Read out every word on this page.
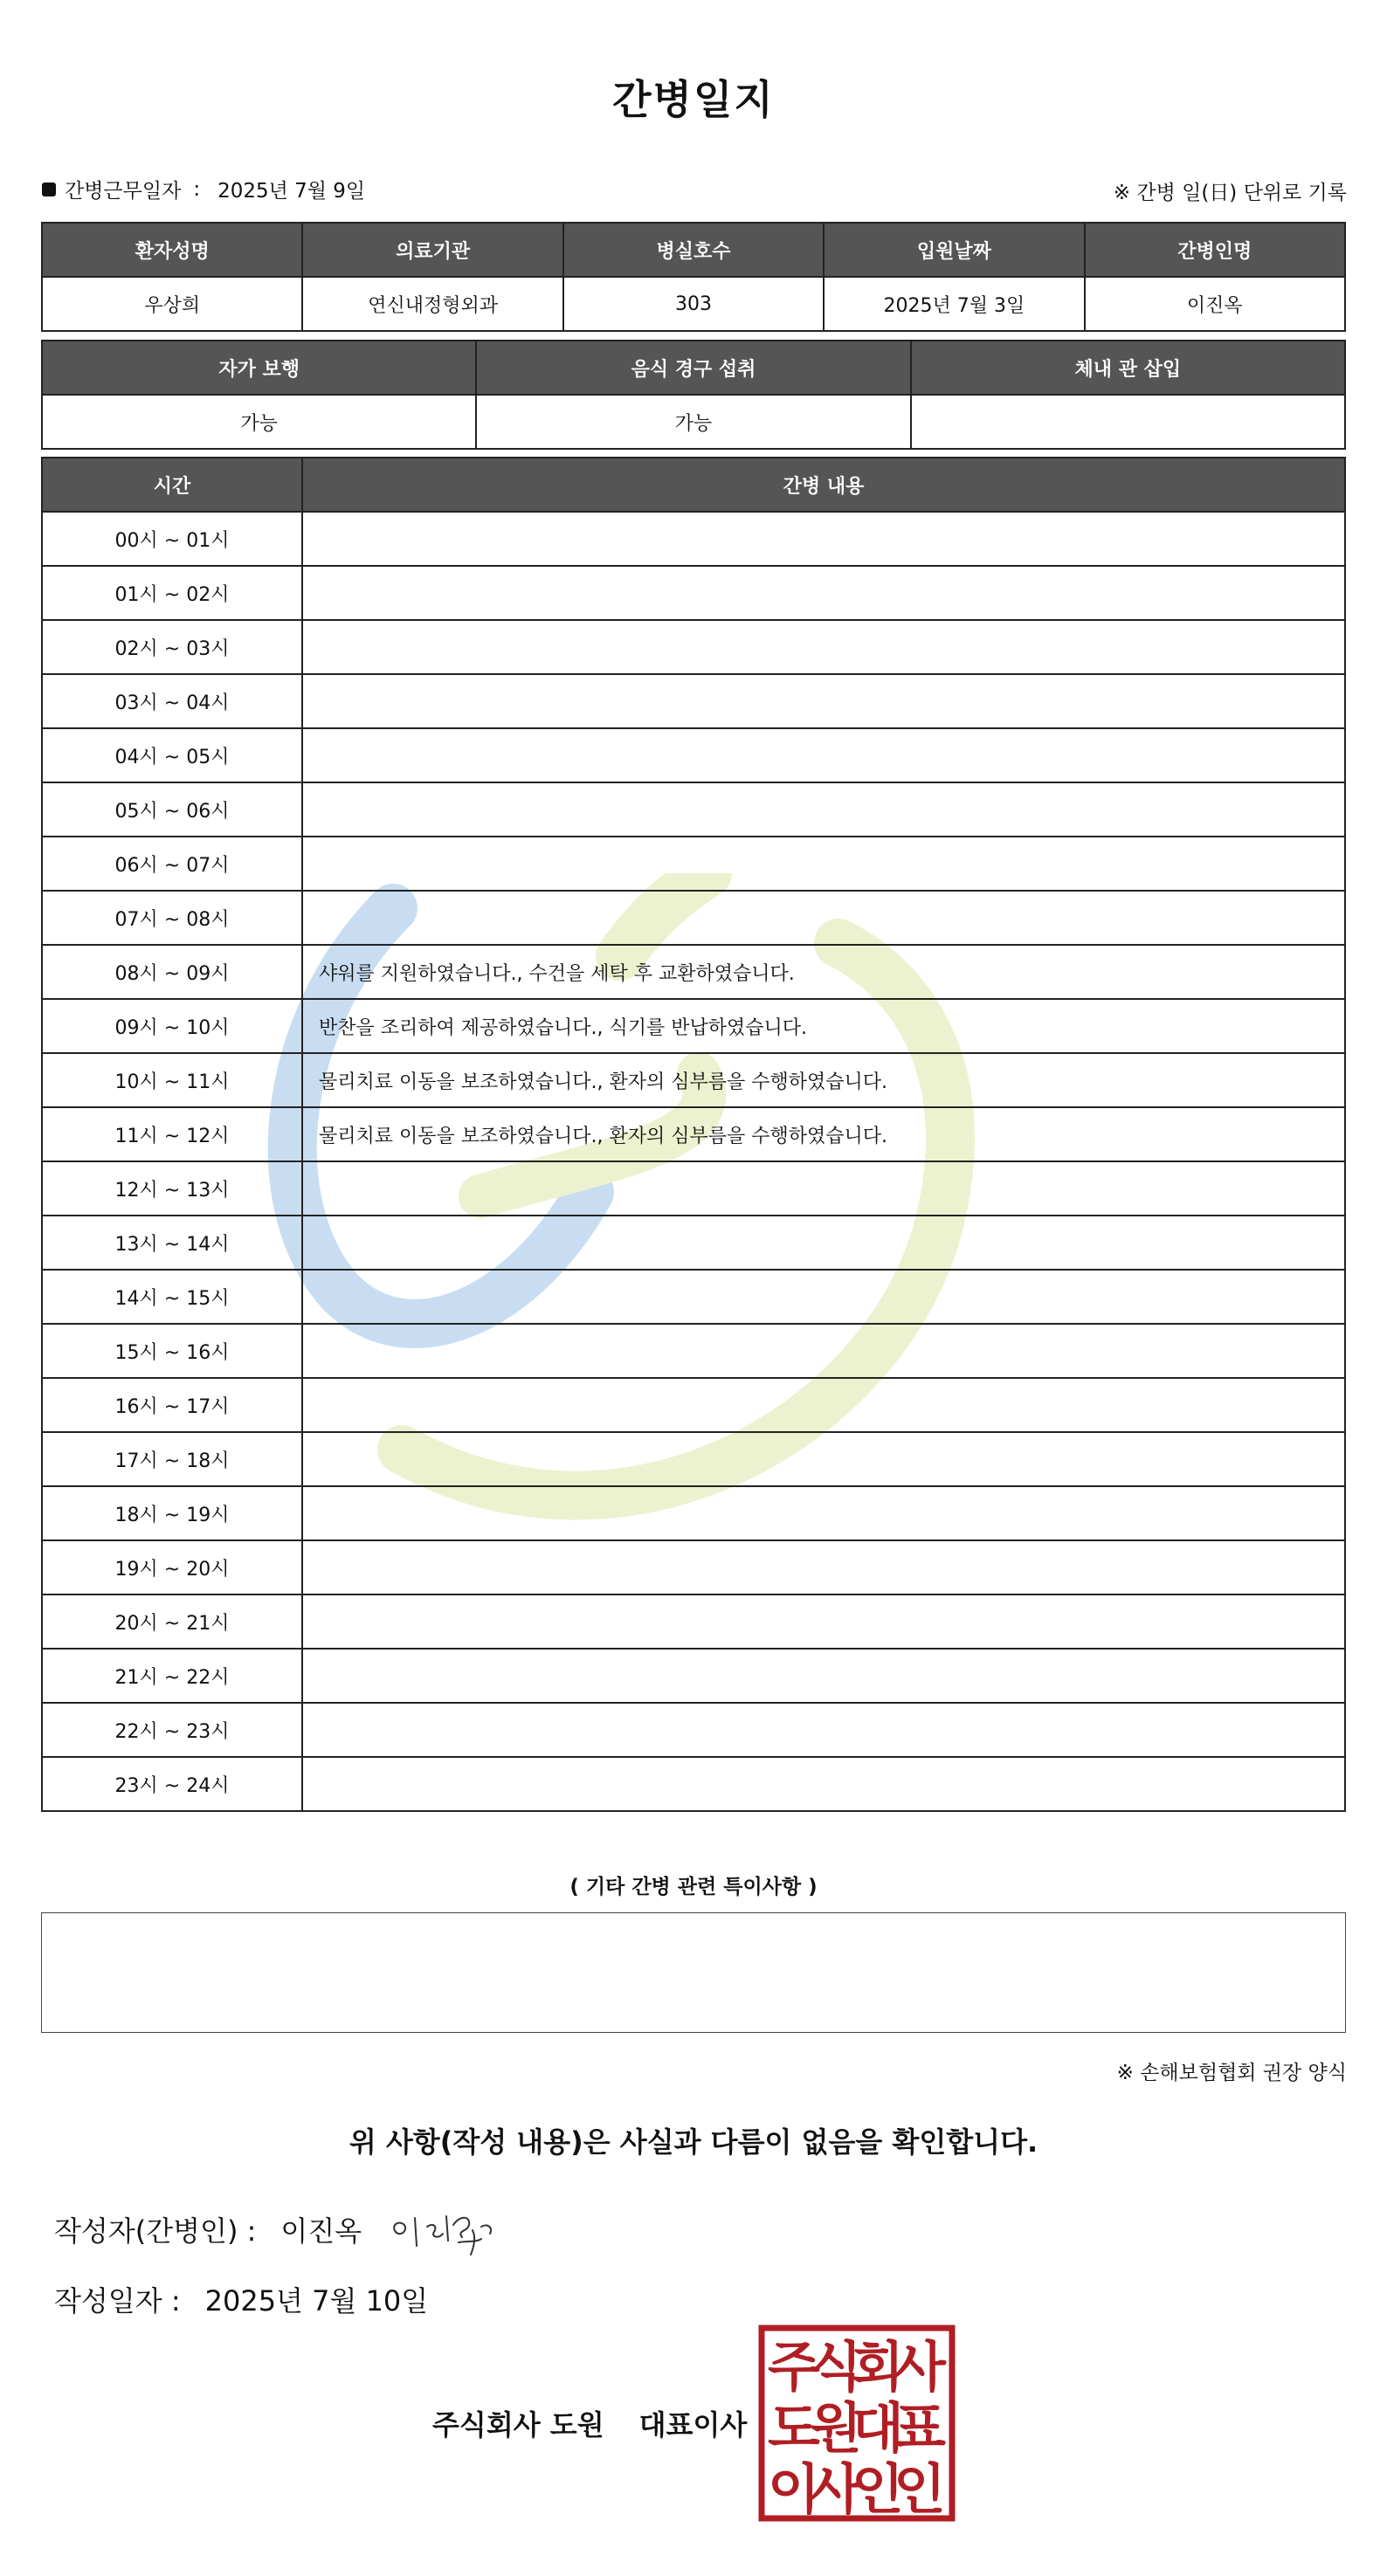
간병일지
간병근무일자 : 2025년 7월 9일	※ 간병 일(日) 단위로 기록
환자성명	의료기관	병실호수	입원날짜	간병인명
우상희	연신내정형외과	303	2025년 7월 3일	이진옥
자가 보행	음식 경구 섭취	체내 관 삽입
가능	가능	
시간	간병 내용
00시 ~ 01시	
01시 ~ 02시	
02시 ~ 03시	
03시 ~ 04시	
04시 ~ 05시	
05시 ~ 06시	
06시 ~ 07시	
07시 ~ 08시	
08시 ~ 09시	샤워를 지원하였습니다., 수건을 세탁 후 교환하였습니다.
09시 ~ 10시	반찬을 조리하여 제공하였습니다., 식기를 반납하였습니다.
10시 ~ 11시	물리치료 이동을 보조하였습니다., 환자의 심부름을 수행하였습니다.
11시 ~ 12시	물리치료 이동을 보조하였습니다., 환자의 심부름을 수행하였습니다.
12시 ~ 13시	
13시 ~ 14시	
14시 ~ 15시	
15시 ~ 16시	
16시 ~ 17시	
17시 ~ 18시	
18시 ~ 19시	
19시 ~ 20시	
20시 ~ 21시	
21시 ~ 22시	
22시 ~ 23시	
23시 ~ 24시	
( 기타 간병 관련 특이사항 )
※ 손해보험협회 권장 양식
위 사항(작성 내용)은 사실과 다름이 없음을 확인합니다.
작성자(간병인) : 이진옥
작성일자 : 2025년 7월 10일
주식회사 도원 대표이사
주
식
회
사
도
원
대
표
이
사
인
인
